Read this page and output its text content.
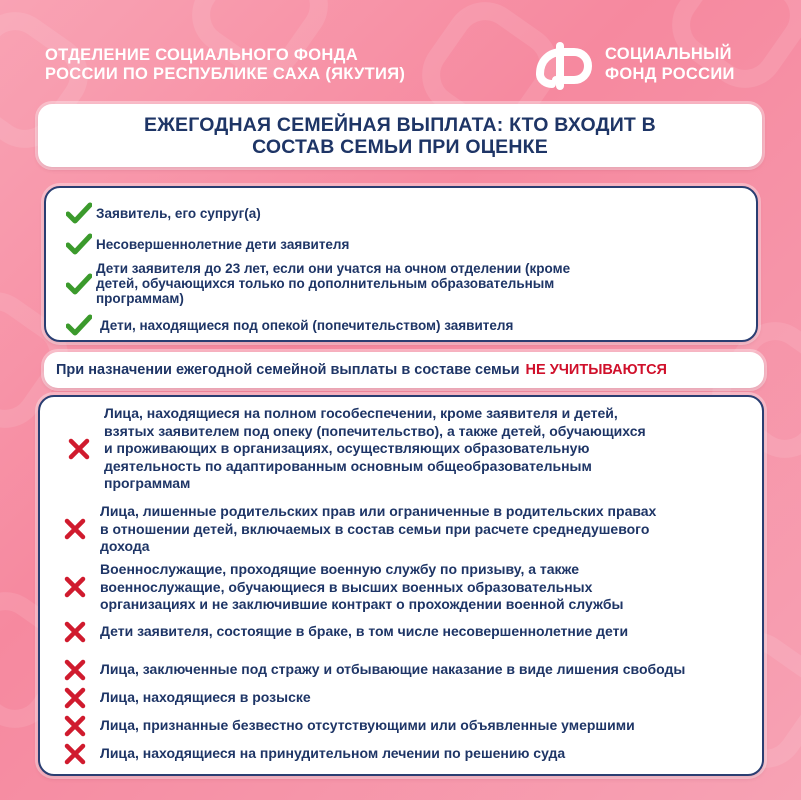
ОТДЕЛЕНИЕ СОЦИАЛЬНОГО ФОНДА
РОССИИ ПО РЕСПУБЛИКЕ САХА (ЯКУТИЯ)
СОЦИАЛЬНЫЙ
ФОНД РОССИИ
ЕЖЕГОДНАЯ СЕМЕЙНАЯ ВЫПЛАТА: КТО ВХОДИТ В СОСТАВ СЕМЬИ ПРИ ОЦЕНКЕ
Заявитель, его супруг(а)
Несовершеннолетние дети заявителя
Дети заявителя до 23 лет, если они учатся на очном отделении (кроме
детей, обучающихся только по дополнительным образовательным
программам)
Дети, находящиеся под опекой (попечительством) заявителя
При назначении ежегодной семейной выплаты в составе семьи НЕ УЧИТЫВАЮТСЯ
Лица, находящиеся на полном гособеспечении, кроме заявителя и детей,
взятых заявителем под опеку (попечительство), а также детей, обучающихся
и проживающих в организациях, осуществляющих образовательную
деятельность по адаптированным основным общеобразовательным
программам
Лица, лишенные родительских прав или ограниченные в родительских правах
в отношении детей, включаемых в состав семьи при расчете среднедушевого
дохода
Военнослужащие, проходящие военную службу по призыву, а также
военнослужащие, обучающиеся в высших военных образовательных
организациях и не заключившие контракт о прохождении военной службы
Дети заявителя, состоящие в браке, в том числе несовершеннолетние дети
Лица, заключенные под стражу и отбывающие наказание в виде лишения свободы
Лица, находящиеся в розыске
Лица, признанные безвестно отсутствующими или объявленные умершими
Лица, находящиеся на принудительном лечении по решению суда
